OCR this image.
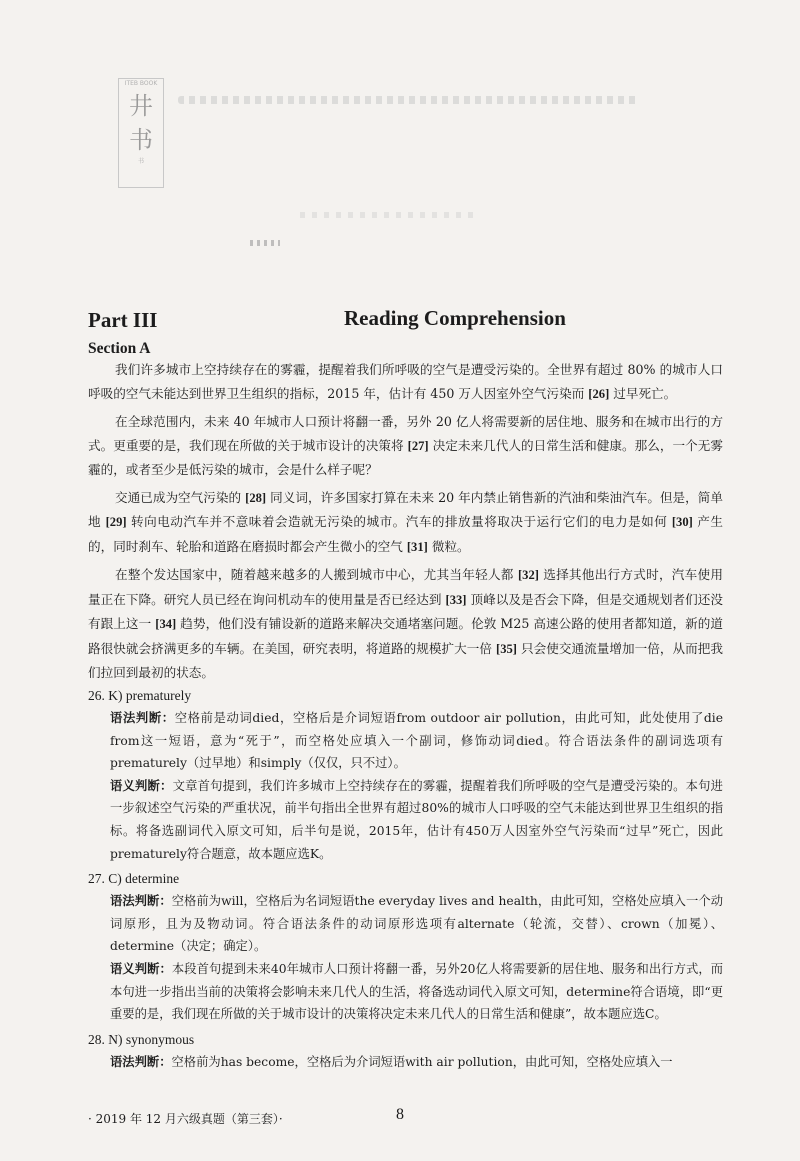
ITEB BOOK
井
书
书
Part III	Reading Comprehension
Section A

我们许多城市上空持续存在的雾霾，提醒着我们所呼吸的空气是遭受污染的。全世界有超过 80% 的城市人口呼吸的空气未能达到世界卫生组织的指标，2015 年，估计有 450 万人因室外空气污染而 [26] 过早死亡。

在全球范围内，未来 40 年城市人口预计将翻一番，另外 20 亿人将需要新的居住地、服务和在城市出行的方式。更重要的是，我们现在所做的关于城市设计的决策将 [27] 决定未来几代人的日常生活和健康。那么，一个无雾霾的，或者至少是低污染的城市，会是什么样子呢？

交通已成为空气污染的 [28] 同义词，许多国家打算在未来 20 年内禁止销售新的汽油和柴油汽车。但是，简单地 [29] 转向电动汽车并不意味着会造就无污染的城市。汽车的排放量将取决于运行它们的电力是如何 [30] 产生的，同时刹车、轮胎和道路在磨损时都会产生微小的空气 [31] 微粒。

在整个发达国家中，随着越来越多的人搬到城市中心，尤其当年轻人都 [32] 选择其他出行方式时，汽车使用量正在下降。研究人员已经在询问机动车的使用量是否已经达到 [33] 顶峰以及是否会下降，但是交通规划者们还没有跟上这一 [34] 趋势，他们没有铺设新的道路来解决交通堵塞问题。伦敦 M25 高速公路的使用者都知道，新的道路很快就会挤满更多的车辆。在美国，研究表明，将道路的规模扩大一倍 [35] 只会使交通流量增加一倍，从而把我们拉回到最初的状态。

26. K) prematurely

语法判断：空格前是动词died，空格后是介词短语from outdoor air pollution，由此可知，此处使用了die from这一短语，意为“死于”，而空格处应填入一个副词，修饰动词died。符合语法条件的副词选项有prematurely（过早地）和simply（仅仅，只不过）。

语义判断：文章首句提到，我们许多城市上空持续存在的雾霾，提醒着我们所呼吸的空气是遭受污染的。本句进一步叙述空气污染的严重状况，前半句指出全世界有超过80%的城市人口呼吸的空气未能达到世界卫生组织的指标。将备选副词代入原文可知，后半句是说，2015年，估计有450万人因室外空气污染而“过早”死亡，因此prematurely符合题意，故本题应选K。

27. C) determine

语法判断：空格前为will，空格后为名词短语the everyday lives and health，由此可知，空格处应填入一个动词原形，且为及物动词。符合语法条件的动词原形选项有alternate（轮流，交替）、crown（加冕）、determine（决定；确定）。

语义判断：本段首句提到未来40年城市人口预计将翻一番，另外20亿人将需要新的居住地、服务和出行方式，而本句进一步指出当前的决策将会影响未来几代人的生活，将备选动词代入原文可知，determine符合语境，即“更重要的是，我们现在所做的关于城市设计的决策将决定未来几代人的日常生活和健康”，故本题应选C。

28. N) synonymous

语法判断：空格前为has become，空格后为介词短语with air pollution，由此可知，空格处应填入一

· 2019 年 12 月六级真题（第三套）·	8
